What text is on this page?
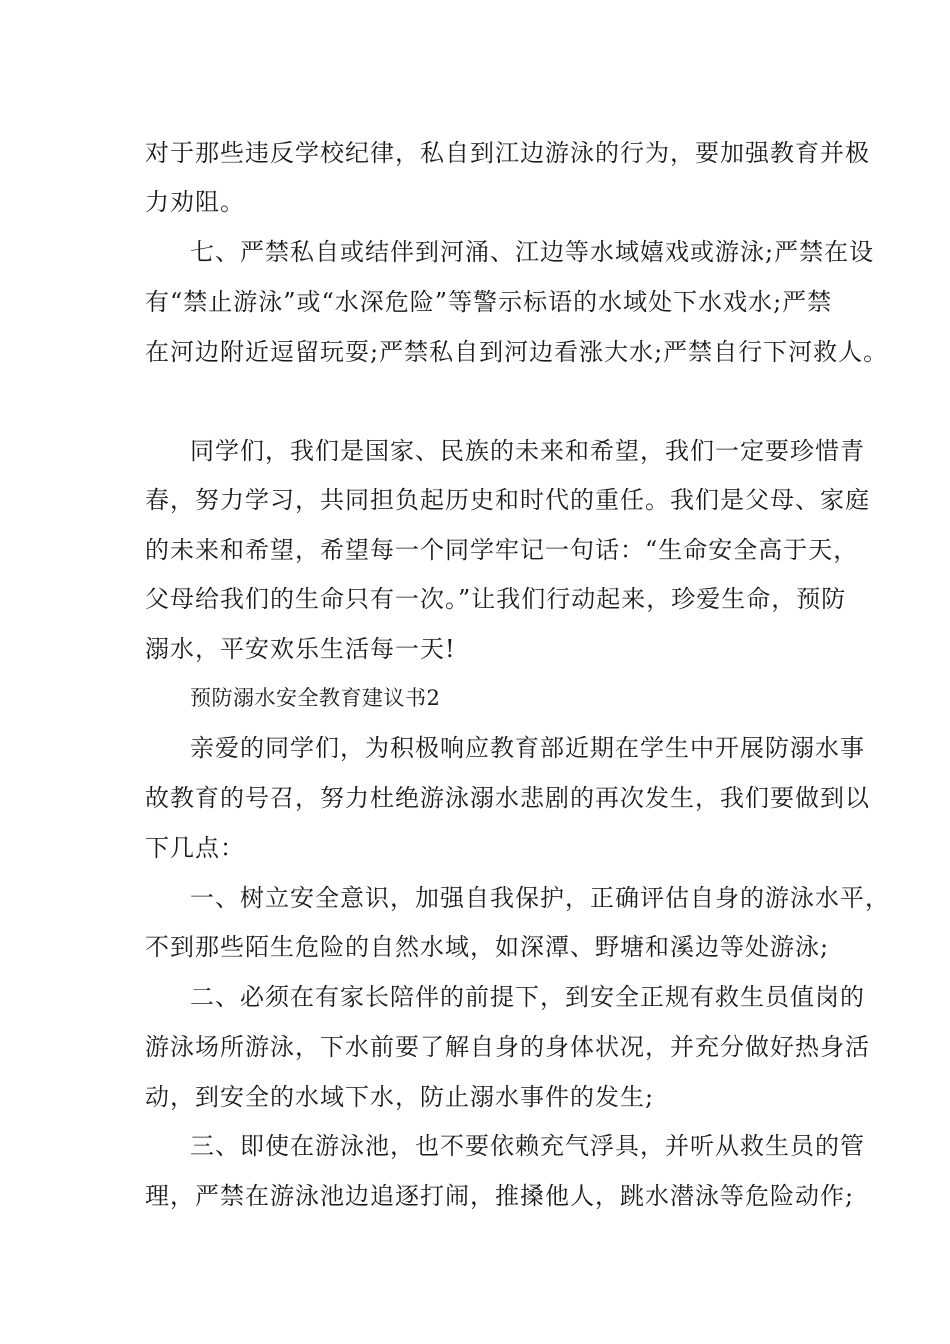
对于那些违反学校纪律，私自到江边游泳的行为，要加强教育并极
力劝阻。
七、严禁私自或结伴到河涌、江边等水域嬉戏或游泳;严禁在设
有“禁止游泳”或“水深危险”等警示标语的水域处下水戏水;严禁
在河边附近逗留玩耍;严禁私自到河边看涨大水;严禁自行下河救人。
同学们，我们是国家、民族的未来和希望，我们一定要珍惜青
春，努力学习，共同担负起历史和时代的重任。我们是父母、家庭
的未来和希望，希望每一个同学牢记一句话：“生命安全高于天，
父母给我们的生命只有一次。”让我们行动起来，珍爱生命，预防
溺水，平安欢乐生活每一天!
预防溺水安全教育建议书2
亲爱的同学们，为积极响应教育部近期在学生中开展防溺水事
故教育的号召，努力杜绝游泳溺水悲剧的再次发生，我们要做到以
下几点：
一、树立安全意识，加强自我保护，正确评估自身的游泳水平，
不到那些陌生危险的自然水域，如深潭、野塘和溪边等处游泳;
二、必须在有家长陪伴的前提下，到安全正规有救生员值岗的
游泳场所游泳，下水前要了解自身的身体状况，并充分做好热身活
动，到安全的水域下水，防止溺水事件的发生;
三、即使在游泳池，也不要依赖充气浮具，并听从救生员的管
理，严禁在游泳池边追逐打闹，推搡他人，跳水潜泳等危险动作;
